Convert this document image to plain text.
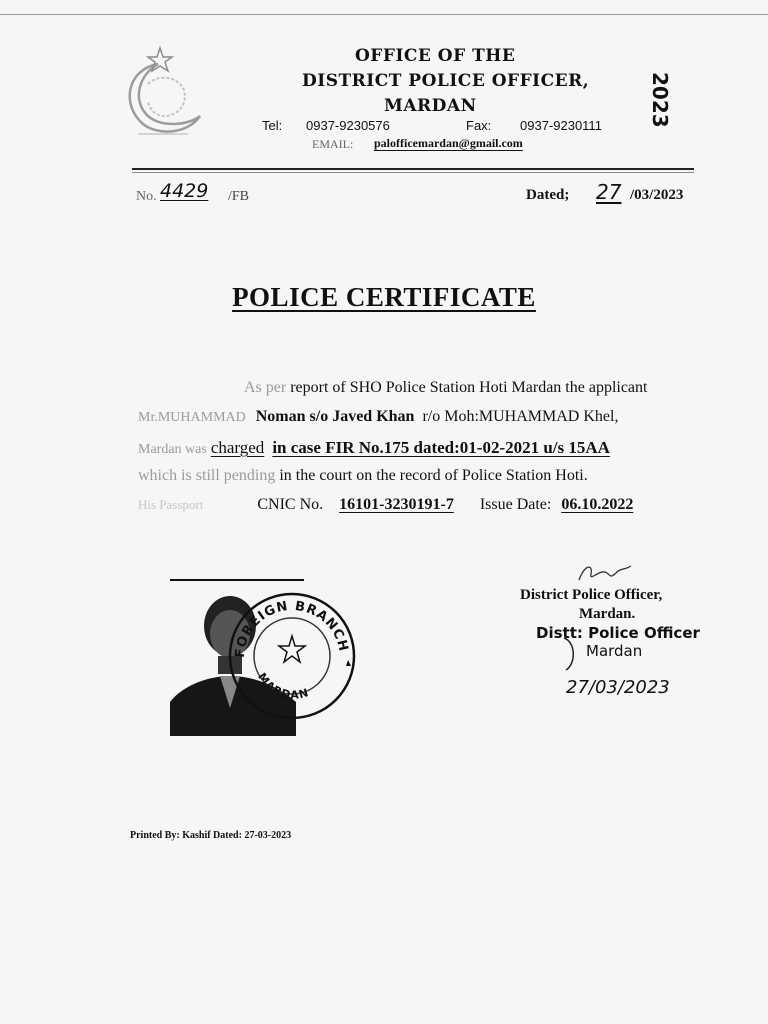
OFFICE OF THE
DISTRICT POLICE OFFICER,
MARDAN
Tel: 0937-9230576	Fax: 0937-9230111
EMAIL: palofficemardan@gmail.com
2023
No. 4429 /FB	Dated; 27 /03/2023
POLICE CERTIFICATE
As per report of SHO Police Station Hoti Mardan the applicant
Mr.MUHAMMAD Noman s/o Javed Khan r/o Moh:MUHAMMAD Khel,
Mardan was charged in case FIR No.175 dated:01-02-2021 u/s 15AA
which is still pending in the court on the record of Police Station Hoti.
His Passport	CNIC No. 16101-3230191-7 Issue Date: 06.10.2022
FOREIGN BRANCH
MARDAN
District Police Officer,
Mardan.
Distt: Police Officer
Mardan
27/03/2023
Printed By: Kashif Dated: 27-03-2023
